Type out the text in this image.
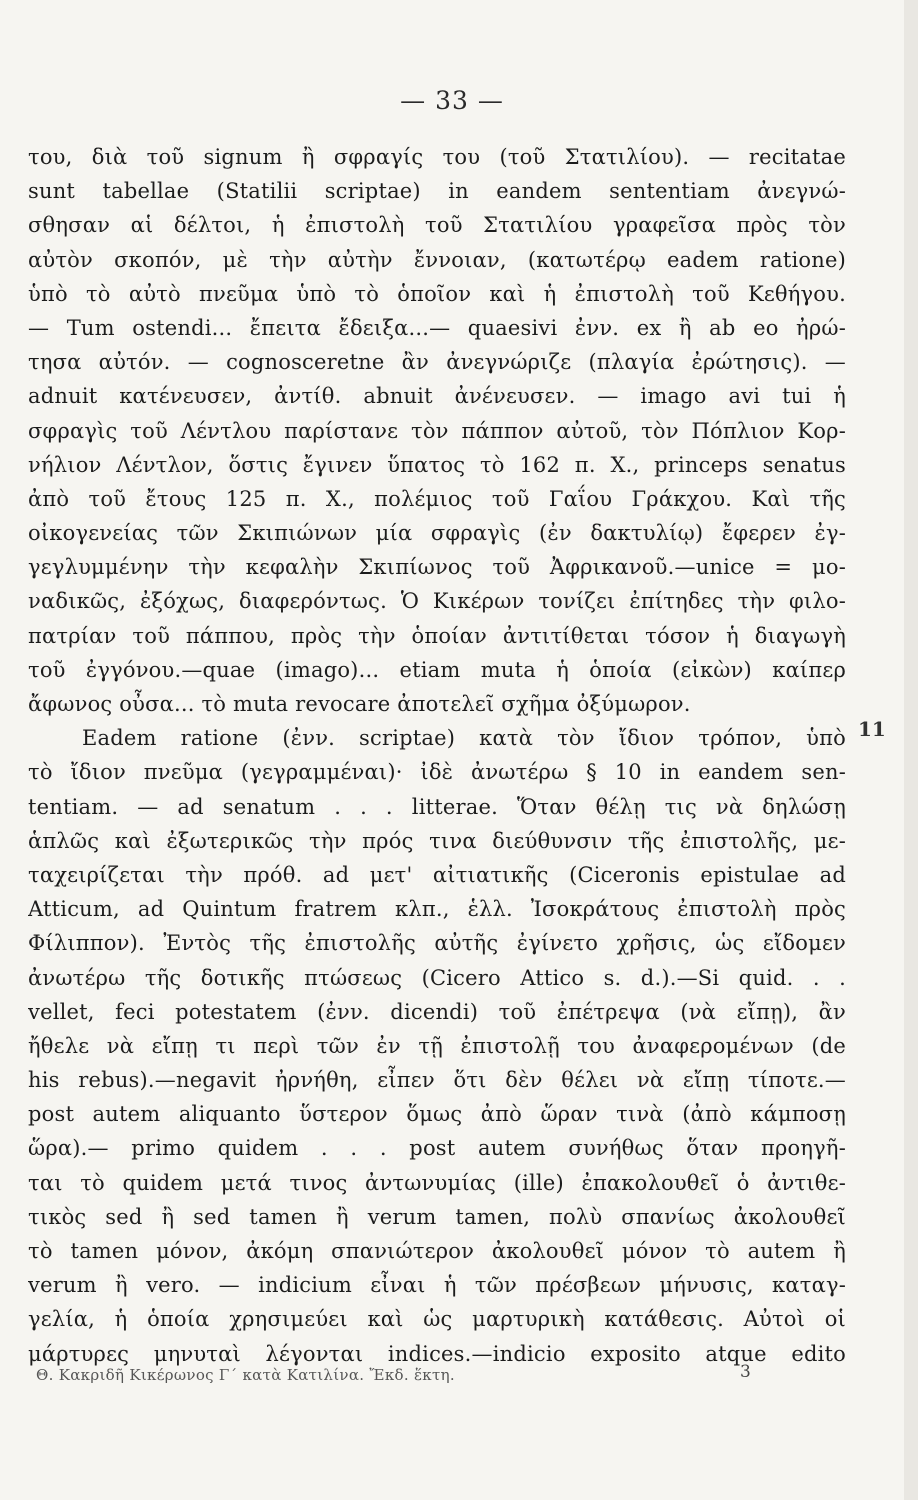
— 33 —
του, διὰ τοῦ signum ἢ σφραγίς του (τοῦ Στατιλίου). — recitatae
sunt tabellae (Statilii scriptae) in eandem sententiam ἀνεγνώ-
σθησαν αἱ δέλτοι, ἡ ἐπιστολὴ τοῦ Στατιλίου γραφεῖσα πρὸς τὸν
αὐτὸν σκοπόν, μὲ τὴν αὐτὴν ἔννοιαν, (κατωτέρῳ eadem ratione)
ὑπὸ τὸ αὐτὸ πνεῦμα ὑπὸ τὸ ὁποῖον καὶ ἡ ἐπιστολὴ τοῦ Κεθήγου.
— Tum ostendi... ἔπειτα ἔδειξα...— quaesivi ἐνν. ex ἢ ab eo ἠρώ-
τησα αὐτόν. — cognosceretne ἂν ἀνεγνώριζε (πλαγία ἐρώτησις). —
adnuit κατένευσεν, ἀντίθ. abnuit ἀνένευσεν. — imago avi tui ἡ
σφραγὶς τοῦ Λέντλου παρίστανε τὸν πάππον αὐτοῦ, τὸν Πόπλιον Κορ-
νήλιον Λέντλον, ὅστις ἔγινεν ὕπατος τὸ 162 π. Χ., princeps senatus
ἀπὸ τοῦ ἔτους 125 π. Χ., πολέμιος τοῦ Γαΐου Γράκχου. Καὶ τῆς
οἰκογενείας τῶν Σκιπιώνων μία σφραγὶς (ἐν δακτυλίῳ) ἔφερεν ἐγ-
γεγλυμμένην τὴν κεφαλὴν Σκιπίωνος τοῦ Ἀφρικανοῦ.—unice = μο-
ναδικῶς, ἐξόχως, διαφερόντως. Ὁ Κικέρων τονίζει ἐπίτηδες τὴν φιλο-
πατρίαν τοῦ πάππου, πρὸς τὴν ὁποίαν ἀντιτίθεται τόσον ἡ διαγωγὴ
τοῦ ἐγγόνου.—quae (imago)... etiam muta ἡ ὁποία (εἰκὼν) καίπερ
ἄφωνος οὖσα... τὸ muta revocare ἀποτελεῖ σχῆμα ὀξύμωρον.
Eadem ratione (ἐνν. scriptae) κατὰ τὸν ἴδιον τρόπον, ὑπὸ
τὸ ἴδιον πνεῦμα (γεγραμμέναι)· ἰδὲ ἀνωτέρω § 10 in eandem sen-
tentiam. — ad senatum . . . litterae. Ὅταν θέλῃ τις νὰ δηλώσῃ
ἁπλῶς καὶ ἐξωτερικῶς τὴν πρός τινα διεύθυνσιν τῆς ἐπιστολῆς, με-
ταχειρίζεται τὴν πρόθ. ad μετ' αἰτιατικῆς (Ciceronis epistulae ad
Atticum, ad Quintum fratrem κλπ., ἑλλ. Ἰσοκράτους ἐπιστολὴ πρὸς
Φίλιππον). Ἐντὸς τῆς ἐπιστολῆς αὐτῆς ἐγίνετο χρῆσις, ὡς εἴδομεν
ἀνωτέρω τῆς δοτικῆς πτώσεως (Cicero Attico s. d.).—Si quid. . .
vellet, feci potestatem (ἐνν. dicendi) τοῦ ἐπέτρεψα (νὰ εἴπῃ), ἂν
ἤθελε νὰ εἴπῃ τι περὶ τῶν ἐν τῇ ἐπιστολῇ του ἀναφερομένων (de
his rebus).—negavit ἠρνήθη, εἶπεν ὅτι δὲν θέλει νὰ εἴπῃ τίποτε.—
post autem aliquanto ὕστερον ὅμως ἀπὸ ὥραν τινὰ (ἀπὸ κάμποσῃ
ὥρα).— primo quidem . . . post autem συνήθως ὅταν προηγῆ-
ται τὸ quidem μετά τινος ἀντωνυμίας (ille) ἐπακολουθεῖ ὁ ἀντιθε-
τικὸς sed ἢ sed tamen ἢ verum tamen, πολὺ σπανίως ἀκολουθεῖ
τὸ tamen μόνον, ἀκόμη σπανιώτερον ἀκολουθεῖ μόνον τὸ autem ἢ
verum ἢ vero. — indicium εἶναι ἡ τῶν πρέσβεων μήνυσις, καταγ-
γελία, ἡ ὁποία χρησιμεύει καὶ ὡς μαρτυρικὴ κατάθεσις. Αὐτοὶ οἱ
μάρτυρες μηνυταὶ λέγονται indices.—indicio exposito atque edito
11
Θ. Κακριδῆ Κικέρωνος Γ´ κατὰ Κατιλίνα. Ἔκδ. ἕκτη.	3
